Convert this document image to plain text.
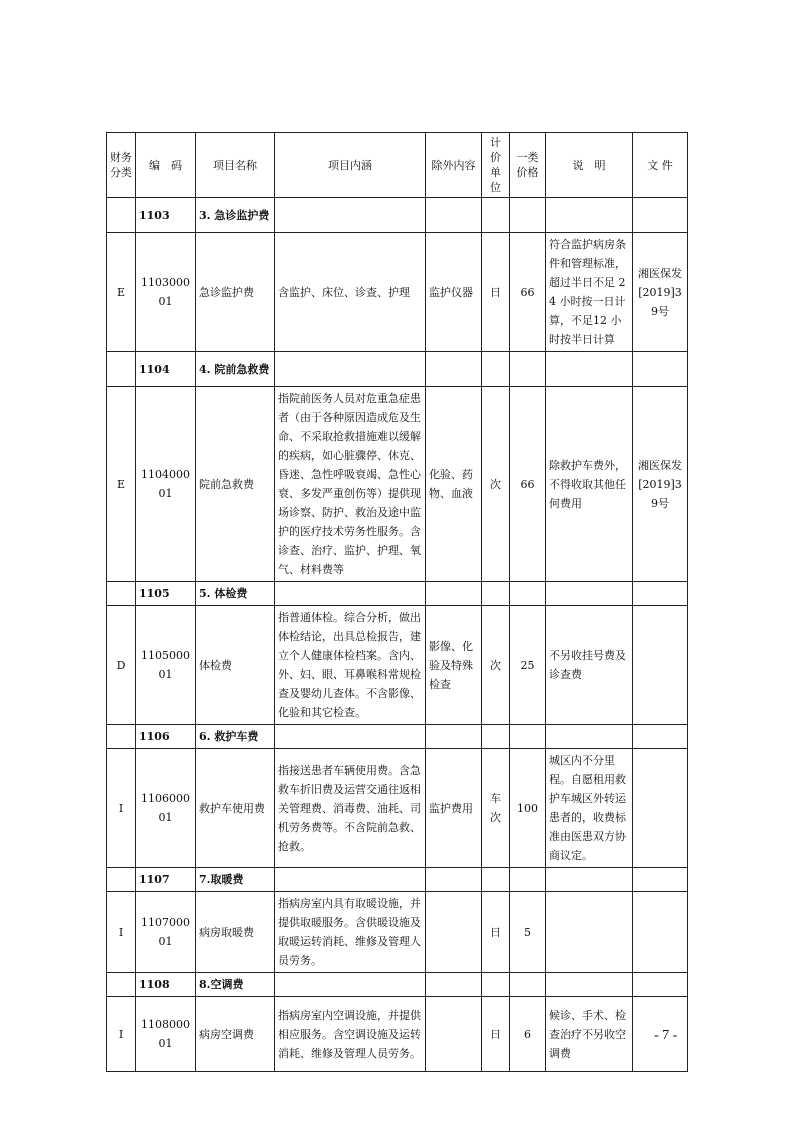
财务分类	编　码	项目名称	项目内涵	除外内容	计价单位	一类价格	说　明	文 件
	1103	3. 急诊监护费						
E	110300001	急诊监护费	含监护、床位、诊查、护理	监护仪器	日	66	符合监护病房条件和管理标准，超过半日不足 24 小时按一日计算，不足12 小时按半日计算	湘医保发[2019]39号
	1104	4. 院前急救费						
E	110400001	院前急救费	指院前医务人员对危重急症患者（由于各种原因造成危及生命、不采取抢救措施难以缓解的疾病，如心脏骤停、休克、昏迷、急性呼吸衰竭、急性心衰、多发严重创伤等）提供现场诊察、防护、救治及途中监护的医疗技术劳务性服务。含诊查、治疗、监护、护理、氧气、材料费等	化验、药物、血液	次	66	除救护车费外，不得收取其他任何费用	湘医保发[2019]39号
	1105	5. 体检费						
D	110500001	体检费	指普通体检。综合分析，做出体检结论，出具总检报告，建立个人健康体检档案。含内、外、妇、眼、耳鼻喉科常规检查及婴幼儿查体。不含影像、化验和其它检查。	影像、化验及特殊检查	次	25	不另收挂号费及诊查费	
	1106	6. 救护车费						
I	110600001	救护车使用费	指接送患者车辆使用费。含急救车折旧费及运营交通往返相关管理费、消毒费、油耗、司机劳务费等。不含院前急救、抢救。	监护费用	车次	100	城区内不分里程。自愿租用救护车城区外转运患者的，收费标准由医患双方协商议定。	
	1107	7.取暖费						
I	110700001	病房取暖费	指病房室内具有取暖设施，并提供取暖服务。含供暖设施及取暖运转消耗、维修及管理人员劳务。		日	5		
	1108	8.空调费						
I	110800001	病房空调费	指病房室内空调设施，并提供相应服务。含空调设施及运转消耗、维修及管理人员劳务。		日	6	候诊、手术、检查治疗不另收空调费	
- 7 -
